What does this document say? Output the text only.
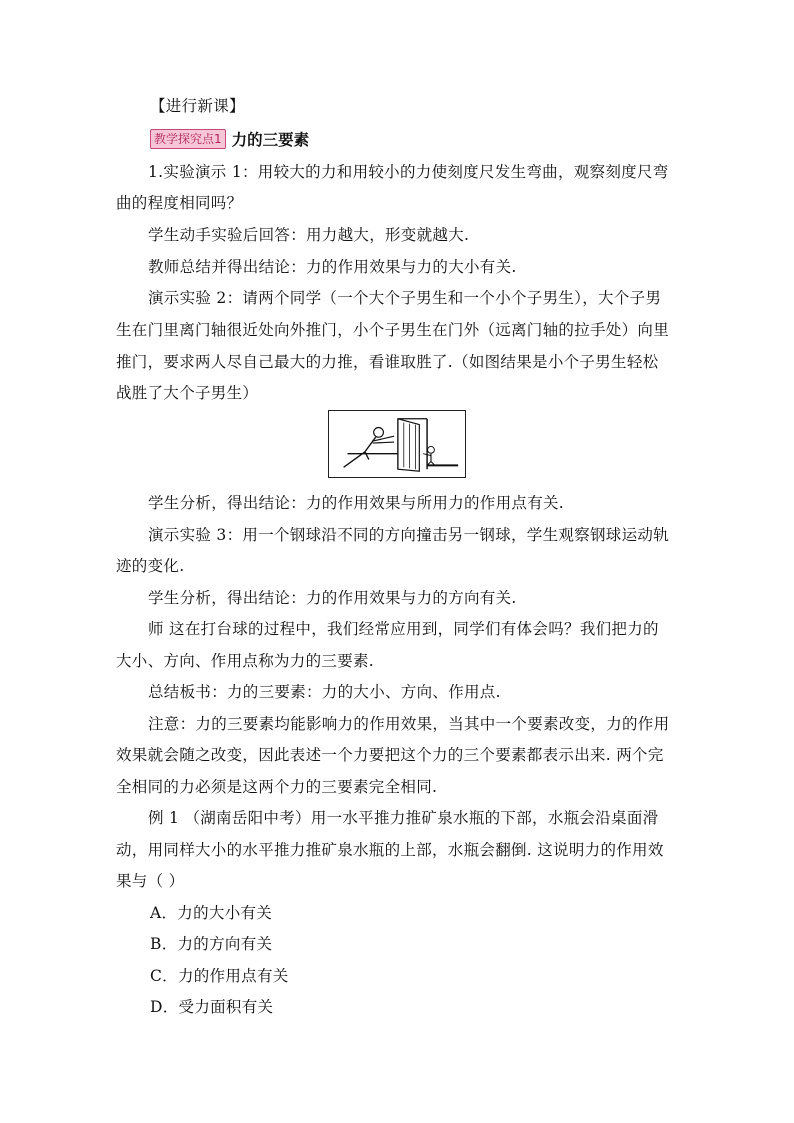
【进行新课】
教学探究点1 力的三要素
1.实验演示 1：用较大的力和用较小的力使刻度尺发生弯曲，观察刻度尺弯
曲的程度相同吗？
学生动手实验后回答：用力越大，形变就越大.
教师总结并得出结论：力的作用效果与力的大小有关.
演示实验 2：请两个同学（一个大个子男生和一个小个子男生），大个子男
生在门里离门轴很近处向外推门，小个子男生在门外（远离门轴的拉手处）向里
推门，要求两人尽自己最大的力推，看谁取胜了.（如图结果是小个子男生轻松
战胜了大个子男生）
学生分析，得出结论：力的作用效果与所用力的作用点有关.
演示实验 3：用一个钢球沿不同的方向撞击另一钢球，学生观察钢球运动轨
迹的变化.
学生分析，得出结论：力的作用效果与力的方向有关.
师 这在打台球的过程中，我们经常应用到，同学们有体会吗？我们把力的
大小、方向、作用点称为力的三要素.
总结板书：力的三要素：力的大小、方向、作用点.
注意：力的三要素均能影响力的作用效果，当其中一个要素改变，力的作用
效果就会随之改变，因此表述一个力要把这个力的三个要素都表示出来. 两个完
全相同的力必须是这两个力的三要素完全相同.
例 1 （湖南岳阳中考）用一水平推力推矿泉水瓶的下部，水瓶会沿桌面滑
动，用同样大小的水平推力推矿泉水瓶的上部，水瓶会翻倒. 这说明力的作用效
果与（ ）
A．力的大小有关
B．力的方向有关
C．力的作用点有关
D．受力面积有关
